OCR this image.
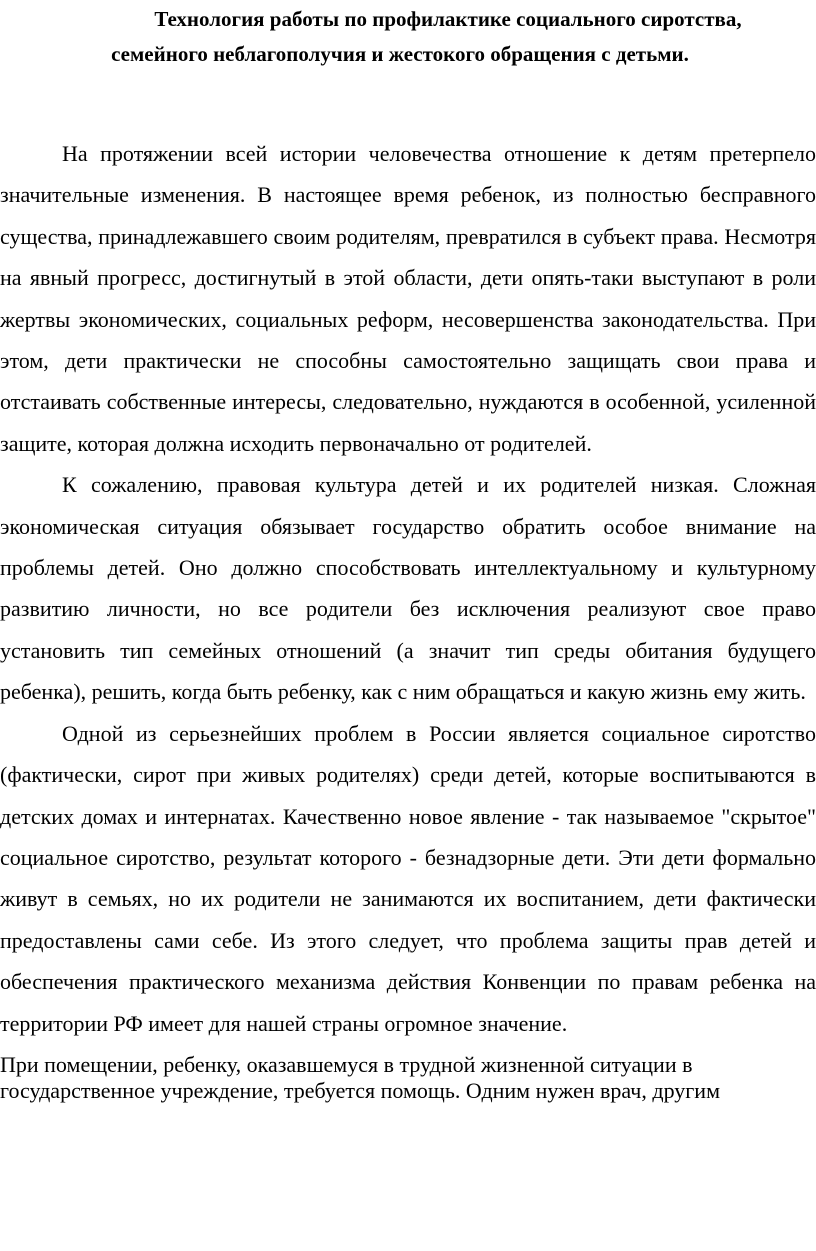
Технология работы по профилактике социального сиротства,
семейного неблагополучия и жестокого обращения с детьми.

На протяжении всей истории человечества отношение к детям претерпело значительные изменения. В настоящее время ребенок, из полностью бесправного существа, принадлежавшего своим родителям, превратился в субъект права. Несмотря на явный прогресс, достигнутый в этой области, дети опять-таки выступают в роли жертвы экономических, социальных реформ, несовершенства законодательства. При этом, дети практически не способны самостоятельно защищать свои права и отстаивать собственные интересы, следовательно, нуждаются в особенной, усиленной защите, которая должна исходить первоначально от родителей.

К сожалению, правовая культура детей и их родителей низкая. Сложная экономическая ситуация обязывает государство обратить особое внимание на проблемы детей. Оно должно способствовать интеллектуальному и культурному развитию личности, но все родители без исключения реализуют свое право установить тип семейных отношений (а значит тип среды обитания будущего ребенка), решить, когда быть ребенку, как с ним обращаться и какую жизнь ему жить.

Одной из серьезнейших проблем в России является социальное сиротство (фактически, сирот при живых родителях) среди детей, которые воспитываются в детских домах и интернатах. Качественно новое явление - так называемое "скрытое" социальное сиротство, результат которого - безнадзорные дети. Эти дети формально живут в семьях, но их родители не занимаются их воспитанием, дети фактически предоставлены сами себе. Из этого следует, что проблема защиты прав детей и обеспечения практического механизма действия Конвенции по правам ребенка на территории РФ имеет для нашей страны огромное значение.

При помещении, ребенку, оказавшемуся в трудной жизненной ситуации в государственное учреждение, требуется помощь. Одним нужен врач, другим
